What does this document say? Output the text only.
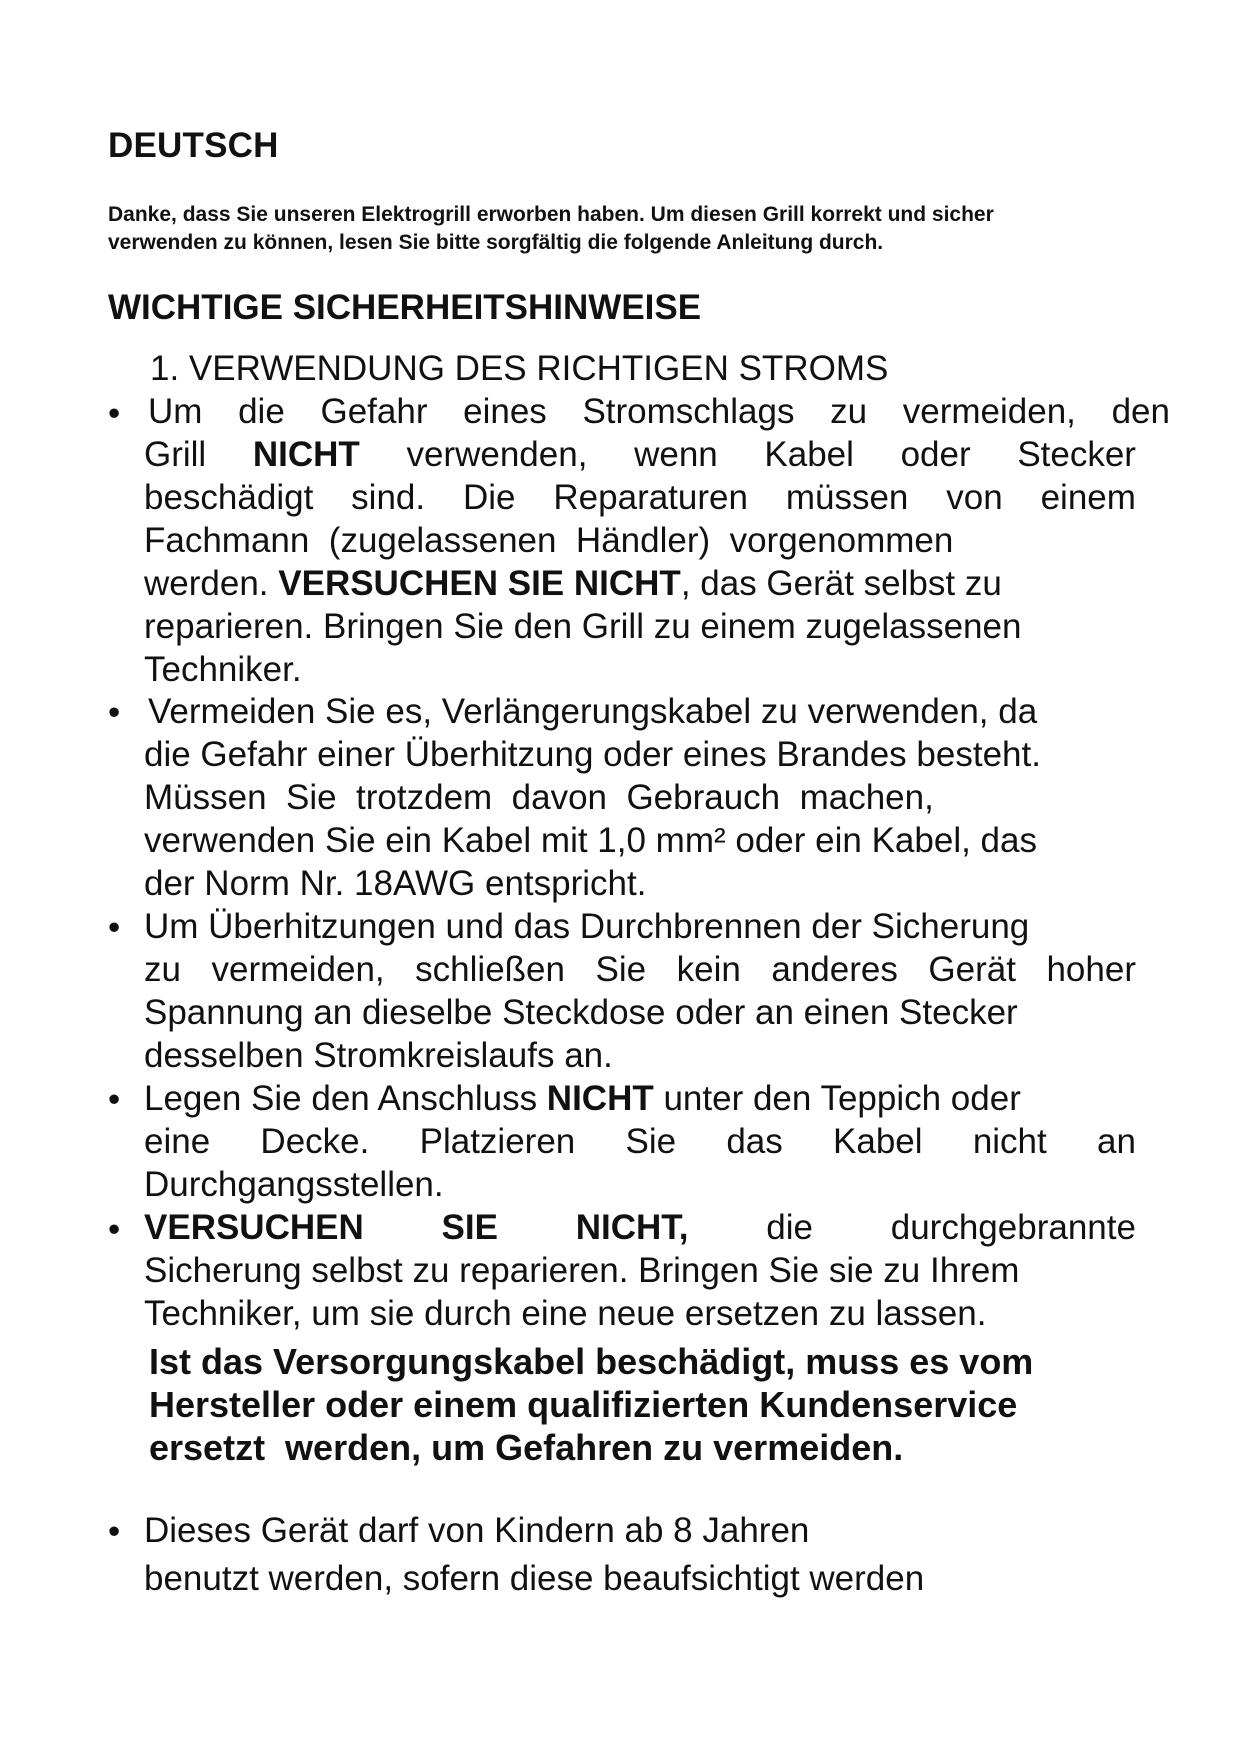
DEUTSCH

Danke, dass Sie unseren Elektrogrill erworben haben. Um diesen Grill korrekt und sicher
verwenden zu können, lesen Sie bitte sorgfältig die folgende Anleitung durch.

WICHTIGE SICHERHEITSHINWEISE
1. VERWENDUNG DES RICHTIGEN STROMS
• Um die Gefahr eines Stromschlags zu vermeiden, den
Grill NICHT verwenden, wenn Kabel oder Stecker
beschädigt sind. Die Reparaturen müssen von einem
Fachmann  (zugelassenen  Händler)  vorgenommen
werden. VERSUCHEN SIE NICHT, das Gerät selbst zu
reparieren. Bringen Sie den Grill zu einem zugelassenen
Techniker.
• Vermeiden Sie es, Verlängerungskabel zu verwenden, da
die Gefahr einer Überhitzung oder eines Brandes besteht.
Müssen  Sie  trotzdem  davon  Gebrauch  machen,
verwenden Sie ein Kabel mit 1,0 mm² oder ein Kabel, das
der Norm Nr. 18AWG entspricht.
• Um Überhitzungen und das Durchbrennen der Sicherung
zu vermeiden, schließen Sie kein anderes Gerät hoher
Spannung an dieselbe Steckdose oder an einen Stecker
desselben Stromkreislaufs an.
• Legen Sie den Anschluss NICHT unter den Teppich oder
eine Decke. Platzieren Sie das Kabel nicht an
Durchgangsstellen.
• VERSUCHEN SIE NICHT, die durchgebrannte
Sicherung selbst zu reparieren. Bringen Sie sie zu Ihrem
Techniker, um sie durch eine neue ersetzen zu lassen.

Ist das Versorgungskabel beschädigt, muss es vom
Hersteller oder einem qualifizierten Kundenservice
ersetzt  werden, um Gefahren zu vermeiden.

• Dieses Gerät darf von Kindern ab 8 Jahren
benutzt werden, sofern diese beaufsichtigt werden
